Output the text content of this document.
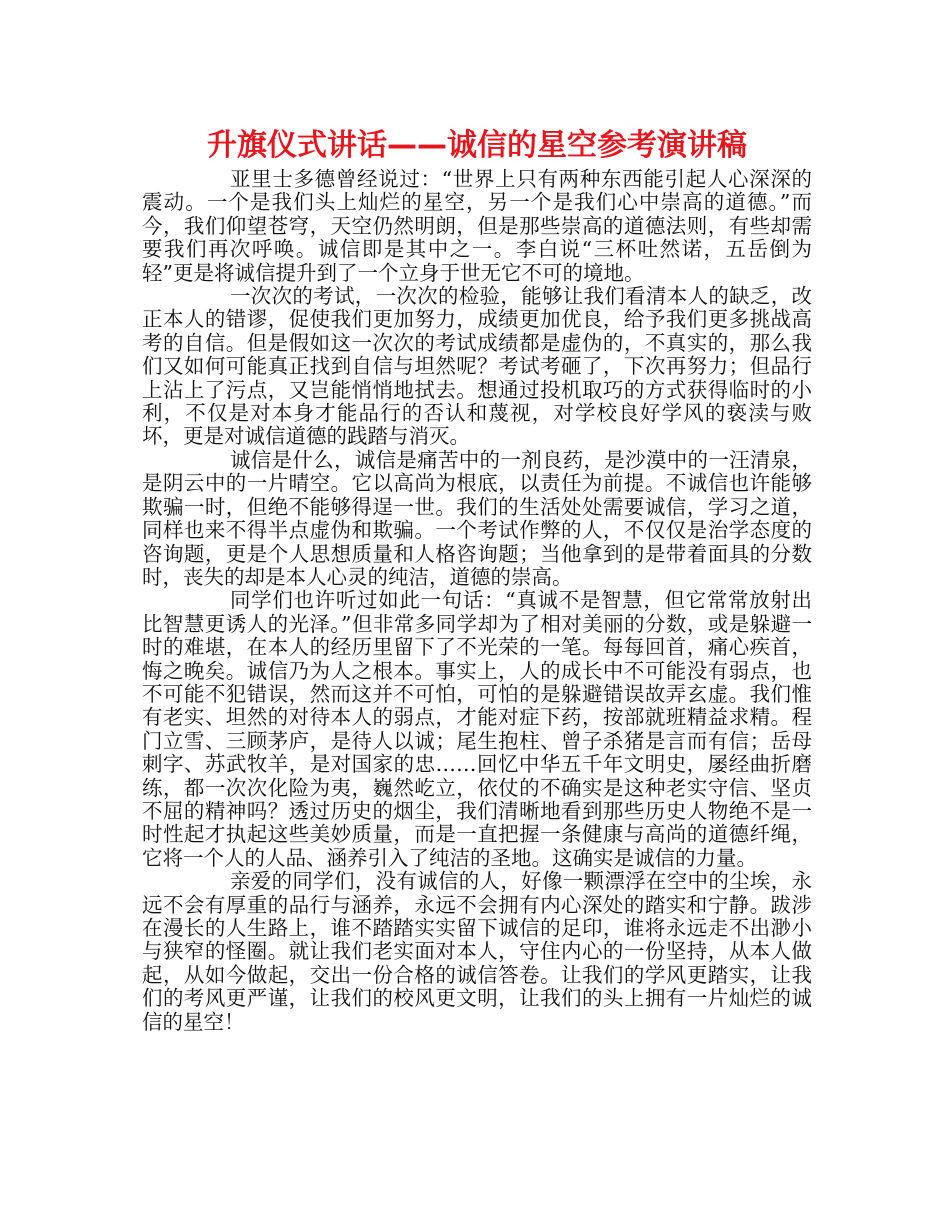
升旗仪式讲话——诚信的星空参考演讲稿

亚里士多德曾经说过：“世界上只有两种东西能引起人心深深的震动。一个是我们头上灿烂的星空，另一个是我们心中崇高的道德。”而今，我们仰望苍穹，天空仍然明朗，但是那些崇高的道德法则，有些却需要我们再次呼唤。诚信即是其中之一。李白说“三杯吐然诺，五岳倒为轻”更是将诚信提升到了一个立身于世无它不可的境地。

一次次的考试，一次次的检验，能够让我们看清本人的缺乏，改正本人的错谬，促使我们更加努力，成绩更加优良，给予我们更多挑战高考的自信。但是假如这一次次的考试成绩都是虚伪的，不真实的，那么我们又如何可能真正找到自信与坦然呢？考试考砸了，下次再努力；但品行上沾上了污点，又岂能悄悄地拭去。想通过投机取巧的方式获得临时的小利，不仅是对本身才能品行的否认和蔑视，对学校良好学风的亵渎与败坏，更是对诚信道德的践踏与消灭。

诚信是什么，诚信是痛苦中的一剂良药，是沙漠中的一汪清泉，是阴云中的一片晴空。它以高尚为根底，以责任为前提。不诚信也许能够欺骗一时，但绝不能够得逞一世。我们的生活处处需要诚信，学习之道，同样也来不得半点虚伪和欺骗。一个考试作弊的人，不仅仅是治学态度的咨询题，更是个人思想质量和人格咨询题；当他拿到的是带着面具的分数时，丧失的却是本人心灵的纯洁，道德的崇高。

同学们也许听过如此一句话：“真诚不是智慧，但它常常放射出比智慧更诱人的光泽。”但非常多同学却为了相对美丽的分数，或是躲避一时的难堪，在本人的经历里留下了不光荣的一笔。每每回首，痛心疾首，悔之晚矣。诚信乃为人之根本。事实上，人的成长中不可能没有弱点，也不可能不犯错误，然而这并不可怕，可怕的是躲避错误故弄玄虚。我们惟有老实、坦然的对待本人的弱点，才能对症下药，按部就班精益求精。程门立雪、三顾茅庐，是待人以诚；尾生抱柱、曾子杀猪是言而有信；岳母刺字、苏武牧羊，是对国家的忠……回忆中华五千年文明史，屡经曲折磨练，都一次次化险为夷，巍然屹立，依仗的不确实是这种老实守信、坚贞不屈的精神吗？透过历史的烟尘，我们清晰地看到那些历史人物绝不是一时性起才执起这些美妙质量，而是一直把握一条健康与高尚的道德纤绳，它将一个人的人品、涵养引入了纯洁的圣地。这确实是诚信的力量。

亲爱的同学们，没有诚信的人，好像一颗漂浮在空中的尘埃，永远不会有厚重的品行与涵养，永远不会拥有内心深处的踏实和宁静。跋涉在漫长的人生路上，谁不踏踏实实留下诚信的足印，谁将永远走不出渺小与狭窄的怪圈。就让我们老实面对本人，守住内心的一份坚持，从本人做起，从如今做起，交出一份合格的诚信答卷。让我们的学风更踏实，让我们的考风更严谨，让我们的校风更文明，让我们的头上拥有一片灿烂的诚信的星空！
